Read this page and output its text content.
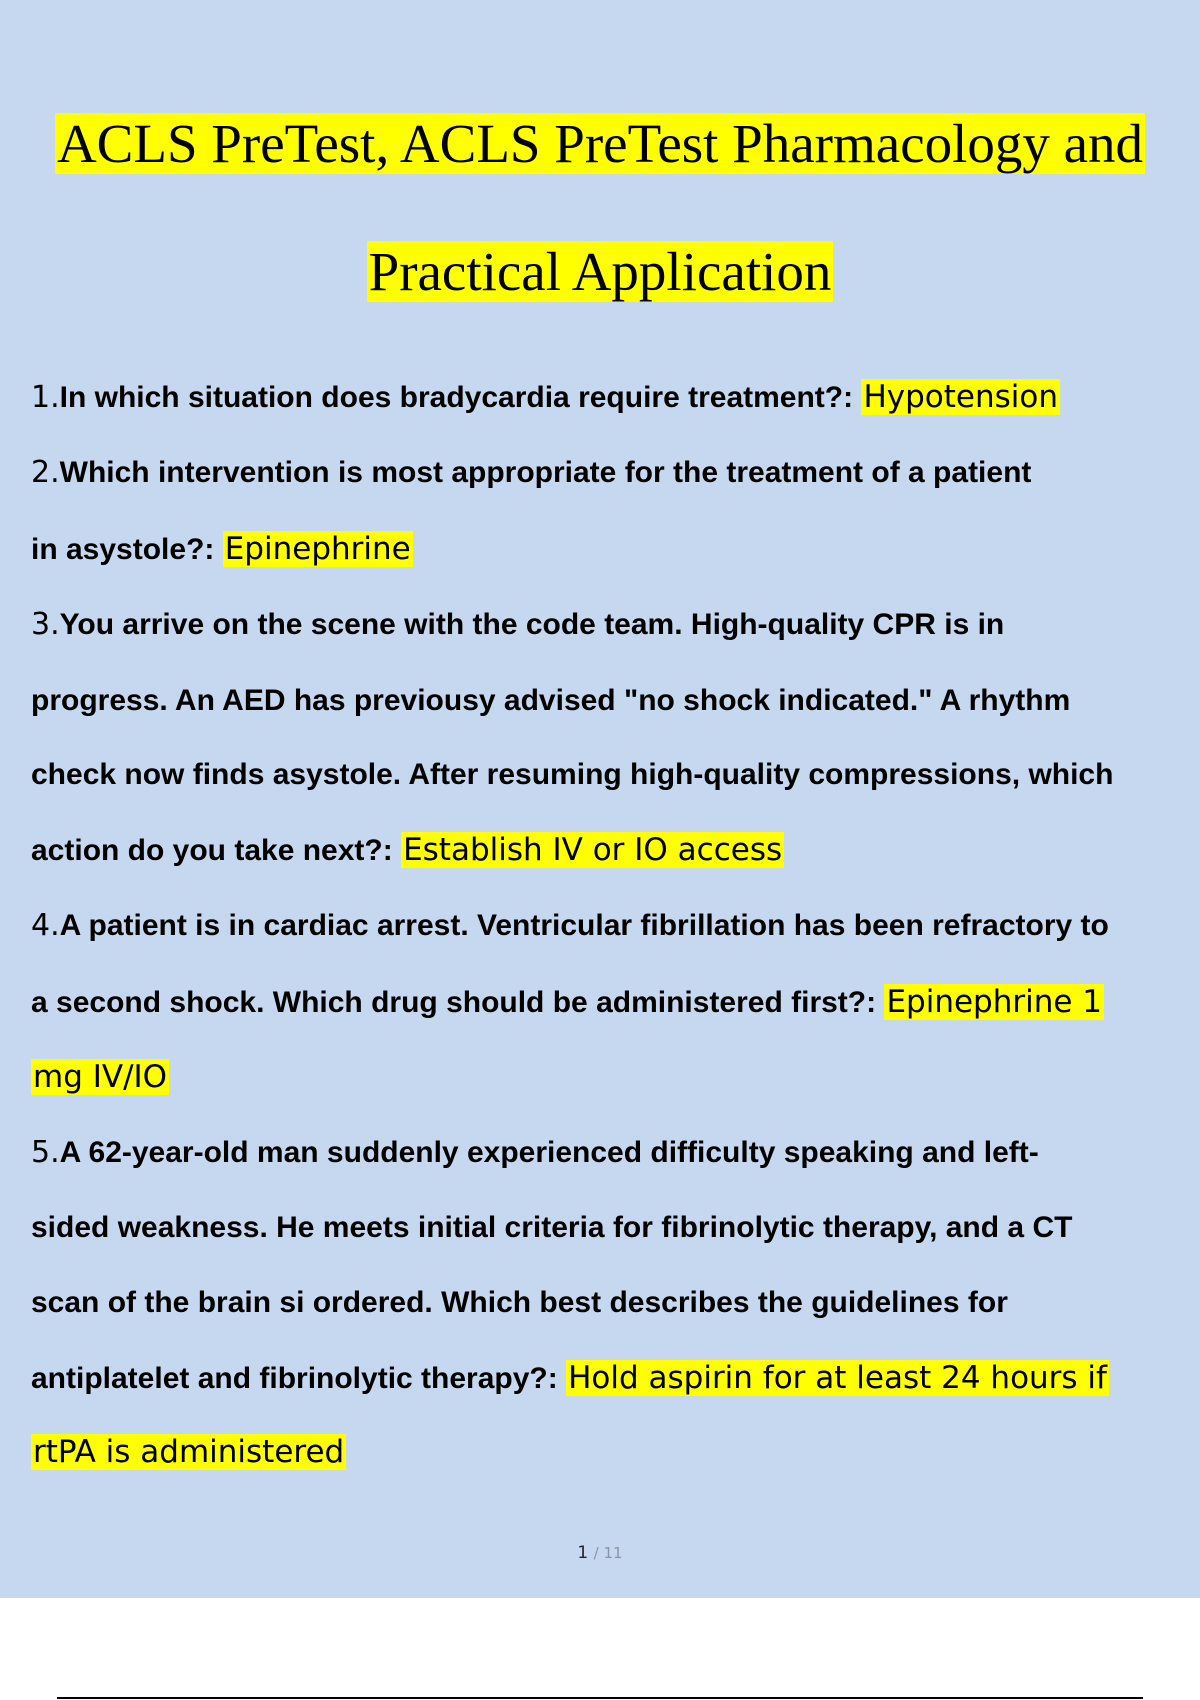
ACLS PreTest, ACLS PreTest Pharmacology and
Practical Application
1.In which situation does bradycardia require treatment?: Hypotension
2.Which intervention is most appropriate for the treatment of a patient
in asystole?: Epinephrine
3.You arrive on the scene with the code team. High-quality CPR is in
progress. An AED has previousy advised "no shock indicated." A rhythm
check now finds asystole. After resuming high-quality compressions, which
action do you take next?: Establish IV or IO access
4.A patient is in cardiac arrest. Ventricular fibrillation has been refractory to
a second shock. Which drug should be administered first?: Epinephrine 1
mg IV/IO
5.A 62-year-old man suddenly experienced difficulty speaking and left-
sided weakness. He meets initial criteria for fibrinolytic therapy, and a CT
scan of the brain si ordered. Which best describes the guidelines for
antiplatelet and fibrinolytic therapy?: Hold aspirin for at least 24 hours if
rtPA is administered
1 / 11
